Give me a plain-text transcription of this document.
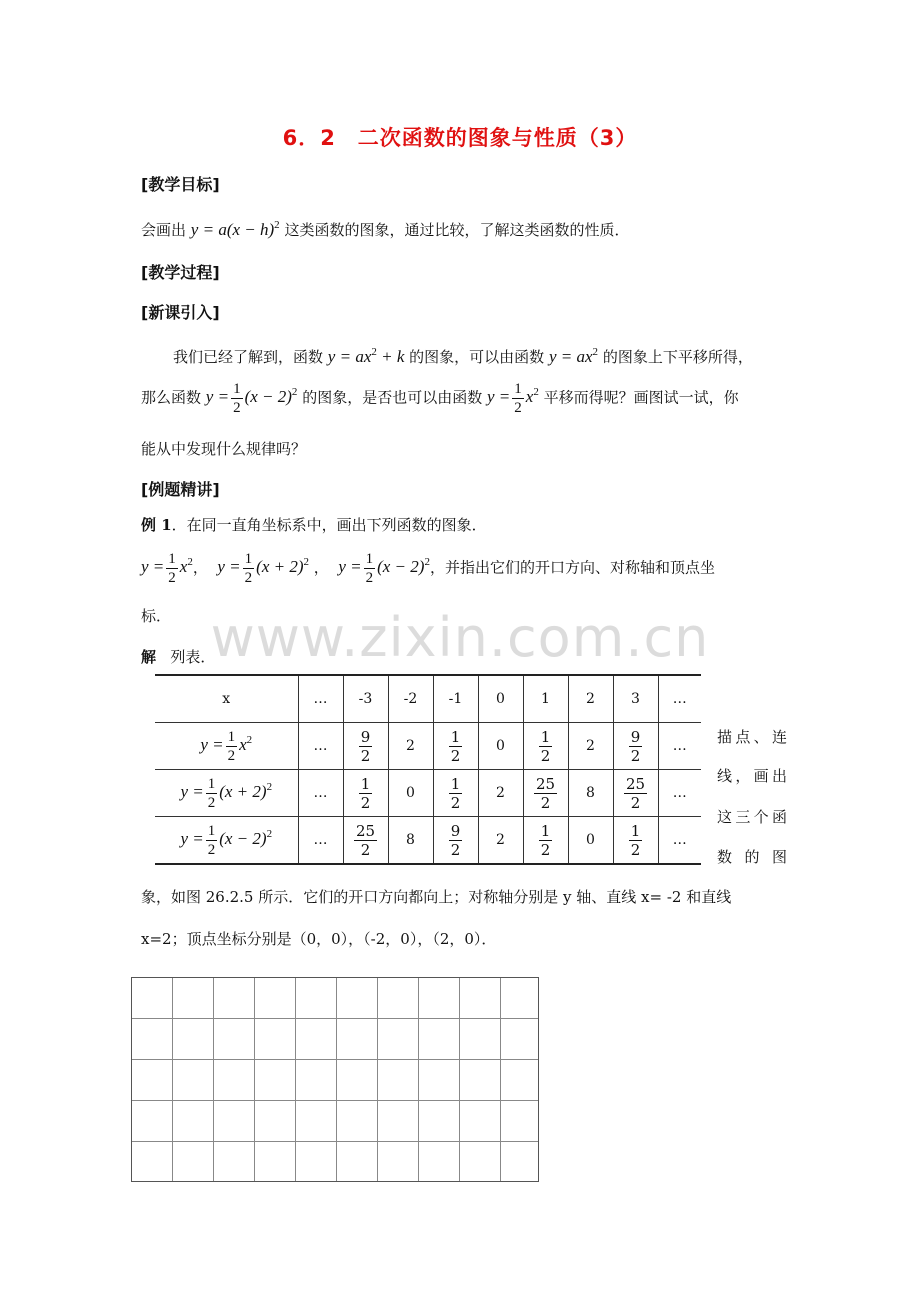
6．2　二次函数的图象与性质（3）
[教学目标]
会画出 $y = a(x - h)^2$ 这类函数的图象，通过比较，了解这类函数的性质．
[教学过程]
[新课引入]
我们已经了解到，函数 $y = ax^2 + k$ 的图象，可以由函数 $y = ax^2$ 的图象上下平移所得，
那么函数 $y = \frac{1}{2} (x - 2)^2$ 的图象，是否也可以由函数 $y = \frac{1}{2} x^2$ 平移而得呢？画图试一试，你
能从中发现什么规律吗？
[例题精讲]
例 1．在同一直角坐标系中，画出下列函数的图象．
$y = \frac{1}{2} x^2$，  $y = \frac{1}{2} (x + 2)^2$ ，  $y = \frac{1}{2} (x - 2)^2$，并指出它们的开口方向、对称轴和顶点坐
标． www.zixin.com.cn
解 列表．
x	…	-3	-2	-1	0	1	2	3	…
$y = \frac{1}{2} x^2$	…	$\frac{9}{2}$	2	$\frac{1}{2}$	0	$\frac{1}{2}$	2	$\frac{9}{2}$	…
$y = \frac{1}{2} (x + 2)^2$	…	$\frac{1}{2}$	0	$\frac{1}{2}$	2	$\frac{25}{2}$	8	$\frac{25}{2}$	…
$y = \frac{1}{2} (x - 2)^2$	…	$\frac{25}{2}$	8	$\frac{9}{2}$	2	$\frac{1}{2}$	0	$\frac{1}{2}$	…
描点、连
线，画出
这三个函
数 的 图
象，如图 26.2.5 所示．它们的开口方向都向上；对称轴分别是 y 轴、直线 x= -2 和直线
x=2；顶点坐标分别是（0，0），（-2，0），（2，0）．
